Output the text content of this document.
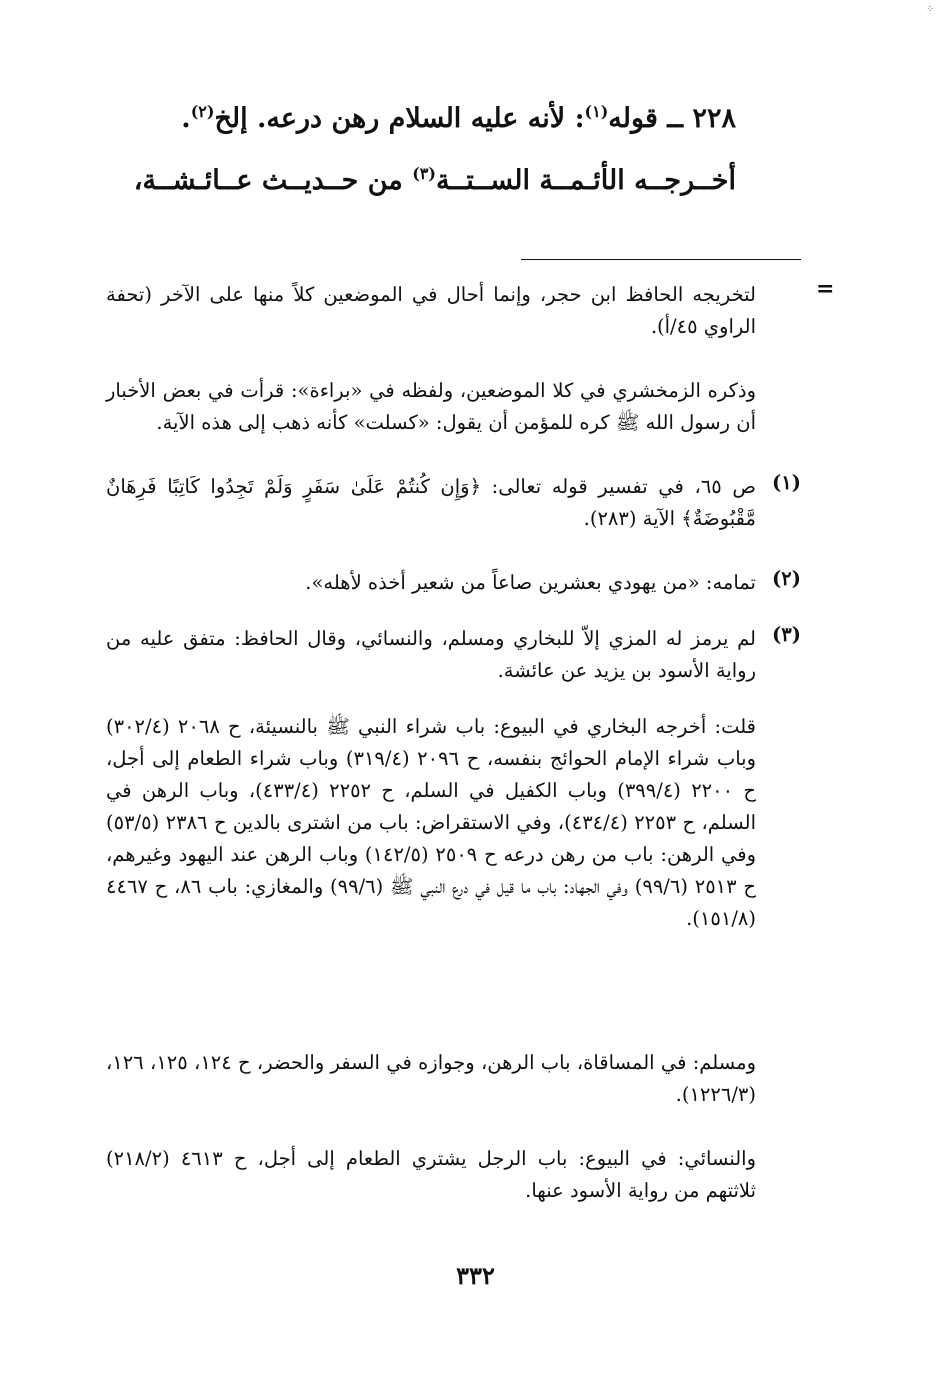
⁘
٢٢٨ ــ قوله$^{(١)}$: لأنه عليه السلام رهن درعه. إلخ$^{(٢)}$.
أخــرجــه الأئـمــة الســتــة$^{(٣)}$ من حــديــث عــائـشــة،
=
لتخريجه الحافظ ابن حجر، وإنما أحال في الموضعين كلاً منها على الآخر (تحفة الراوي ٤٥/أ).
وذكره الزمخشري في كلا الموضعين، ولفظه في «براءة»: قرأت في بعض الأخبار أن رسول الله ﷺ كره للمؤمن أن يقول: «كسلت» كأنه ذهب إلى هذه الآية.
(١)
ص ٦٥، في تفسير قوله تعالى: ﴿وَإِن كُنتُمْ عَلَىٰ سَفَرٍ وَلَمْ تَجِدُوا كَاتِبًا فَرِهَانٌ مَّقْبُوضَةٌ﴾ الآية (٢٨٣).
(٢)
تمامه: «من يهودي بعشرين صاعاً من شعير أخذه لأهله».
(٣)
لم يرمز له المزي إلاّ للبخاري ومسلم، والنسائي، وقال الحافظ: متفق عليه من رواية الأسود بن يزيد عن عائشة.
قلت: أخرجه البخاري في البيوع: باب شراء النبي ﷺ بالنسيئة، ح ٢٠٦٨ (٣٠٢/٤) وباب شراء الإمام الحوائج بنفسه، ح ٢٠٩٦ (٣١٩/٤) وباب شراء الطعام إلى أجل، ح ٢٢٠٠ (٣٩٩/٤) وباب الكفيل في السلم، ح ٢٢٥٢ (٤٣٣/٤)، وباب الرهن في السلم، ح ٢٢٥٣ (٤٣٤/٤)، وفي الاستقراض: باب من اشترى بالدين ح ٢٣٨٦ (٥٣/٥) وفي الرهن: باب من رهن درعه ح ٢٥٠٩ (١٤٢/٥) وباب الرهن عند اليهود وغيرهم، ح ٢٥١٣ (٩٩/٦) وفي الجهاد: باب ما قيل في درع النبي ﷺ (٩٩/٦) والمغازي: باب ٨٦، ح ٤٤٦٧ (١٥١/٨).
ومسلم: في المساقاة، باب الرهن، وجوازه في السفر والحضر، ح ١٢٤، ١٢٥، ١٢٦، (١٢٢٦/٣).
والنسائي: في البيوع: باب الرجل يشتري الطعام إلى أجل، ح ٤٦١٣ (٢١٨/٢) ثلاثتهم من رواية الأسود عنها.
٣٣٢
